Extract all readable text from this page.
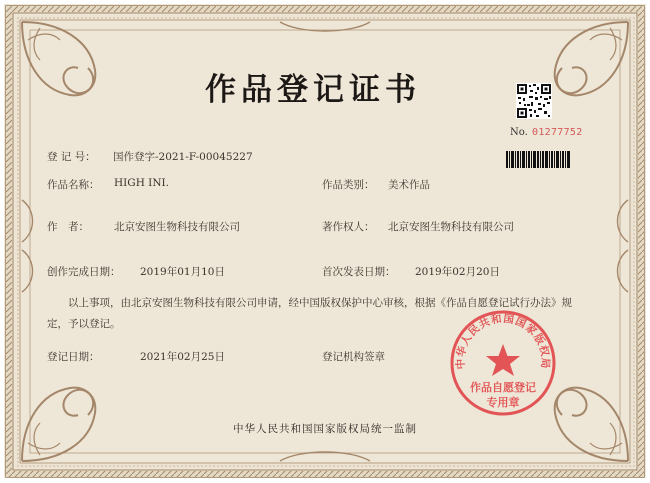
作品登记证书
No. 01277752
登 记 号： 国作登字-2021-F-00045227
作品名称： HIGH INI.	作品类别： 美术作品
作　者： 北京安图生物科技有限公司	著作权人： 北京安图生物科技有限公司
创作完成日期： 2019年01月10日	首次发表日期： 2019年02月20日
以上事项，由北京安图生物科技有限公司申请，经中国版权保护中心审核，根据《作品自愿登记试行办法》规定，予以登记。
登记日期：	2021年02月25日	登记机构签章
中华人民共和国国家版权局
作品自愿登记
专用章
中华人民共和国国家版权局统一监制
